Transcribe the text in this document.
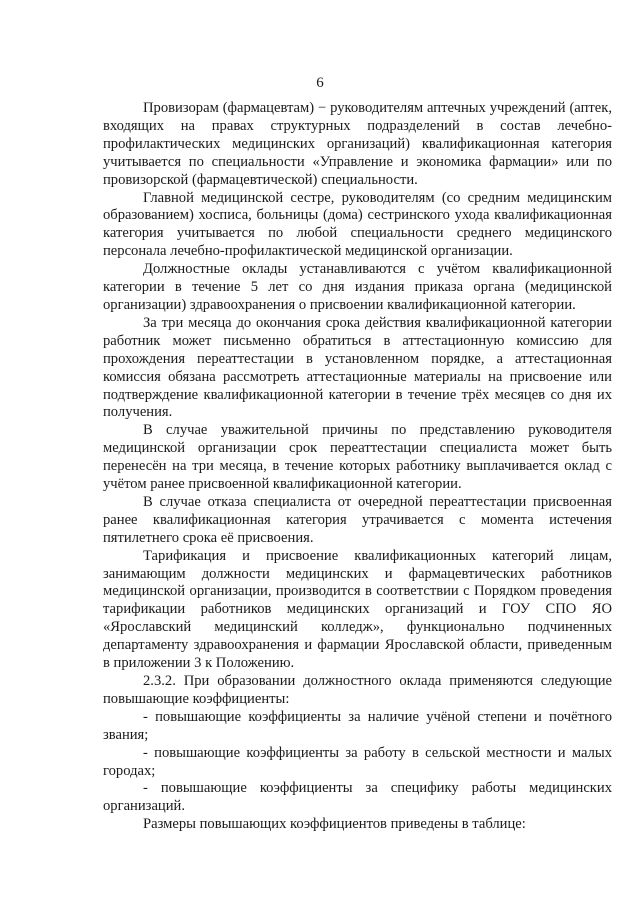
6

Провизорам (фармацевтам) − руководителям аптечных учреждений (аптек, входящих на правах структурных подразделений в состав лечебно-профилактических медицинских организаций) квалификационная категория учитывается по специальности «Управление и экономика фармации» или по провизорской (фармацевтической) специальности.

Главной медицинской сестре, руководителям (со средним медицинским образованием) хосписа, больницы (дома) сестринского ухода квалификационная категория учитывается по любой специальности среднего медицинского персонала лечебно-профилактической медицинской организации.

Должностные оклады устанавливаются с учётом квалификационной категории в течение 5 лет со дня издания приказа органа (медицинской организации) здравоохранения о присвоении квалификационной категории.

За три месяца до окончания срока действия квалификационной категории работник может письменно обратиться в аттестационную комиссию для прохождения переаттестации в установленном порядке, а аттестационная комиссия обязана рассмотреть аттестационные материалы на присвоение или подтверждение квалификационной категории в течение трёх месяцев со дня их получения.

В случае уважительной причины по представлению руководителя медицинской организации срок переаттестации специалиста может быть перенесён на три месяца, в течение которых работнику выплачивается оклад с учётом ранее присвоенной квалификационной категории.

В случае отказа специалиста от очередной переаттестации присвоенная ранее квалификационная категория утрачивается с момента истечения пятилетнего срока её присвоения.

Тарификация и присвоение квалификационных категорий лицам, занимающим должности медицинских и фармацевтических работников медицинской организации, производится в соответствии с Порядком проведения тарификации работников медицинских организаций и ГОУ СПО ЯО «Ярославский медицинский колледж», функционально подчиненных департаменту здравоохранения и фармации Ярославской области, приведенным в приложении 3 к Положению.

2.3.2. При образовании должностного оклада применяются следующие повышающие коэффициенты:

- повышающие коэффициенты за наличие учёной степени и почётного звания;

- повышающие коэффициенты за работу в сельской местности и малых городах;

- повышающие коэффициенты за специфику работы медицинских организаций.

Размеры повышающих коэффициентов приведены в таблице:
